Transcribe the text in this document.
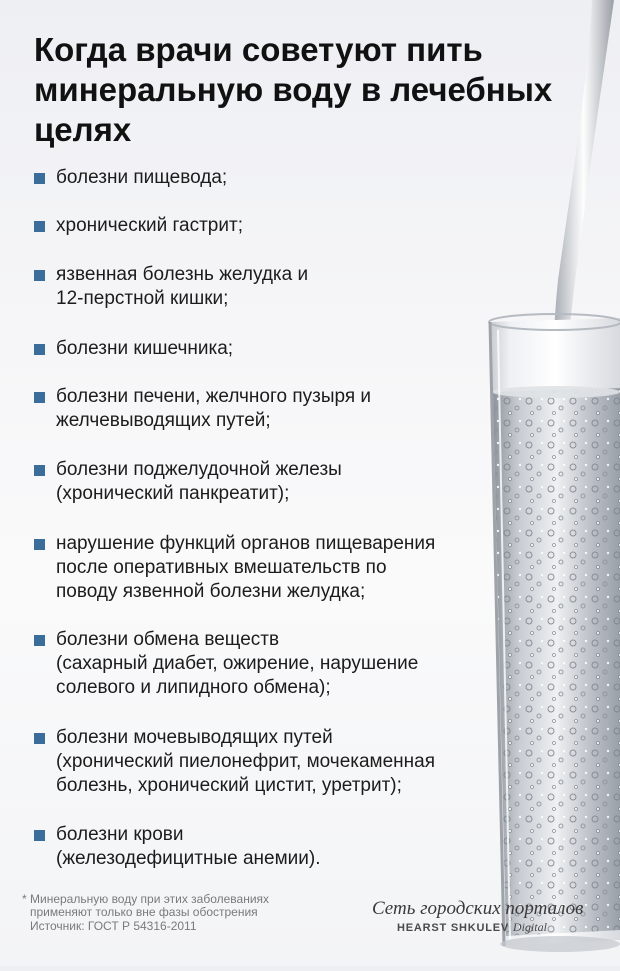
Когда врачи советуют пить минеральную воду в лечебных целях
болезни пищевода;
хронический гастрит;
язвенная болезнь желудка и
12-перстной кишки;
болезни кишечника;
болезни печени, желчного пузыря и
желчевыводящих путей;
болезни поджелудочной железы
(хронический панкреатит);
нарушение функций органов пищеварения
после оперативных вмешательств по
поводу язвенной болезни желудка;
болезни обмена веществ
(сахарный диабет, ожирение, нарушение
солевого и липидного обмена);
болезни мочевыводящих путей
(хронический пиелонефрит, мочекаменная
болезнь, хронический цистит, уретрит);
болезни крови
(железодефицитные анемии).
* Минеральную воду при этих заболеваниях
применяют только вне фазы обострения
Источник: ГОСТ Р 54316-2011
Сеть городских порталов
HEARST SHKULEV Digital
